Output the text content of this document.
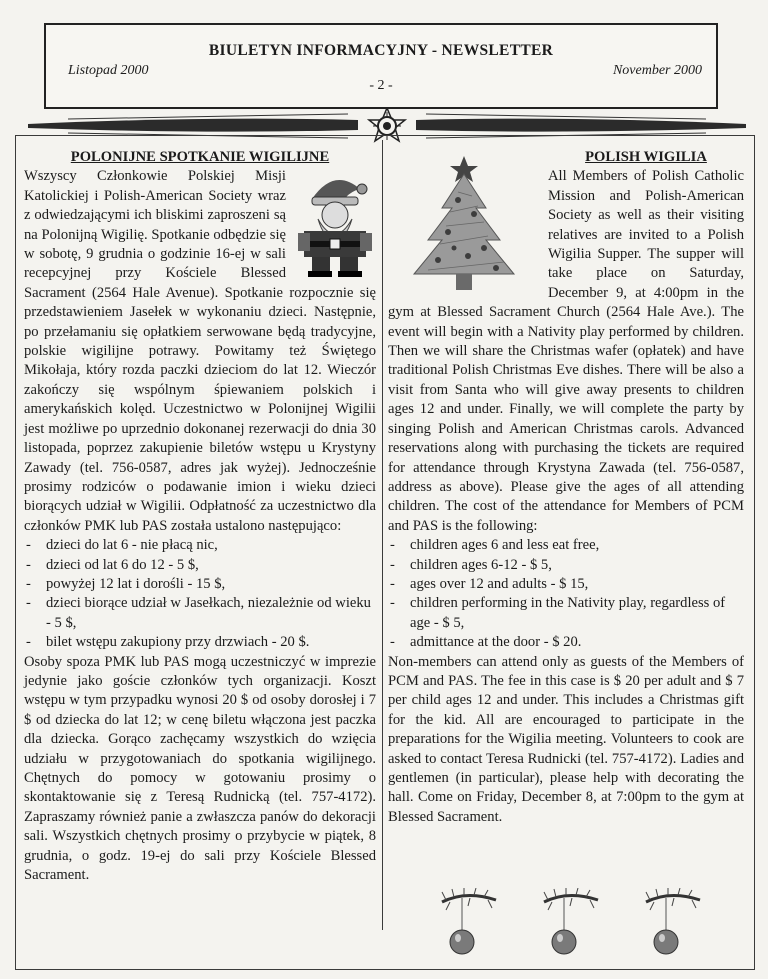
BIULETYN INFORMACYJNY - NEWSLETTER
Listopad 2000	November 2000
- 2 -
POLONIJNE SPOTKANIE WIGILIJNE

Wszyscy Członkowie Polskiej Misji Katolickiej i Polish-American Society wraz z odwiedzającymi ich bliskimi zaproszeni są na Polonijną Wigilię. Spotkanie odbędzie się w sobotę, 9 grudnia o godzinie 16-ej w sali recepcyjnej przy Kościele Blessed Sacrament (2564 Hale Avenue). Spotkanie rozpocznie się przedstawieniem Jasełek w wykonaniu dzieci. Następnie, po przełamaniu się opłatkiem serwowane będą tradycyjne, polskie wigilijne potrawy. Powitamy też Świętego Mikołaja, który rozda paczki dzieciom do lat 12. Wieczór zakończy się wspólnym śpiewaniem polskich i amerykańskich kolęd. Uczestnictwo w Polonijnej Wigilii jest możliwe po uprzednio dokonanej rezerwacji do dnia 30 listopada, poprzez zakupienie biletów wstępu u Krystyny Zawady (tel. 756-0587, adres jak wyżej). Jednocześnie prosimy rodziców o podawanie imion i wieku dzieci biorących udział w Wigilii. Odpłatność za uczestnictwo dla członków PMK lub PAS została ustalono następująco:

- dzieci do lat 6 - nie płacą nic,
- dzieci od lat 6 do 12 - 5 $,
- powyżej 12 lat i dorośli - 15 $,
- dzieci biorące udział w Jasełkach, niezależnie od wieku - 5 $,
- bilet wstępu zakupiony przy drzwiach - 20 $.

Osoby spoza PMK lub PAS mogą uczestniczyć w imprezie jedynie jako goście członków tych organizacji. Koszt wstępu w tym przypadku wynosi 20 $ od osoby dorosłej i 7 $ od dziecka do lat 12; w cenę biletu włączona jest paczka dla dziecka. Gorąco zachęcamy wszystkich do wzięcia udziału w przygotowaniach do spotkania wigilijnego. Chętnych do pomocy w gotowaniu prosimy o skontaktowanie się z Teresą Rudnicką (tel. 757-4172). Zapraszamy również panie a zwłaszcza panów do dekoracji sali. Wszystkich chętnych prosimy o przybycie w piątek, 8 grudnia, o godz. 19-ej do sali przy Kościele Blessed Sacrament.

POLISH WIGILIA

All Members of Polish Catholic Mission and Polish-American Society as well as their visiting relatives are invited to a Polish Wigilia Supper. The supper will take place on Saturday, December 9, at 4:00pm in the gym at Blessed Sacrament Church (2564 Hale Ave.). The event will begin with a Nativity play performed by children. Then we will share the Christmas wafer (opłatek) and have traditional Polish Christmas Eve dishes. There will be also a visit from Santa who will give away presents to children ages 12 and under. Finally, we will complete the party by singing Polish and American Christmas carols. Advanced reservations along with purchasing the tickets are required for attendance through Krystyna Zawada (tel. 756-0587, address as above). Please give the ages of all attending children. The cost of the attendance for Members of PCM and PAS is the following:

- children ages 6 and less eat free,
- children ages 6-12 - $ 5,
- ages over 12 and adults - $ 15,
- children performing in the Nativity play, regardless of age - $ 5,
- admittance at the door - $ 20.

Non-members can attend only as guests of the Members of PCM and PAS. The fee in this case is $ 20 per adult and $ 7 per child ages 12 and under. This includes a Christmas gift for the kid. All are encouraged to participate in the preparations for the Wigilia meeting. Volunteers to cook are asked to contact Teresa Rudnicki (tel. 757-4172). Ladies and gentlemen (in particular), please help with decorating the hall. Come on Friday, December 8, at 7:00pm to the gym at Blessed Sacrament.
